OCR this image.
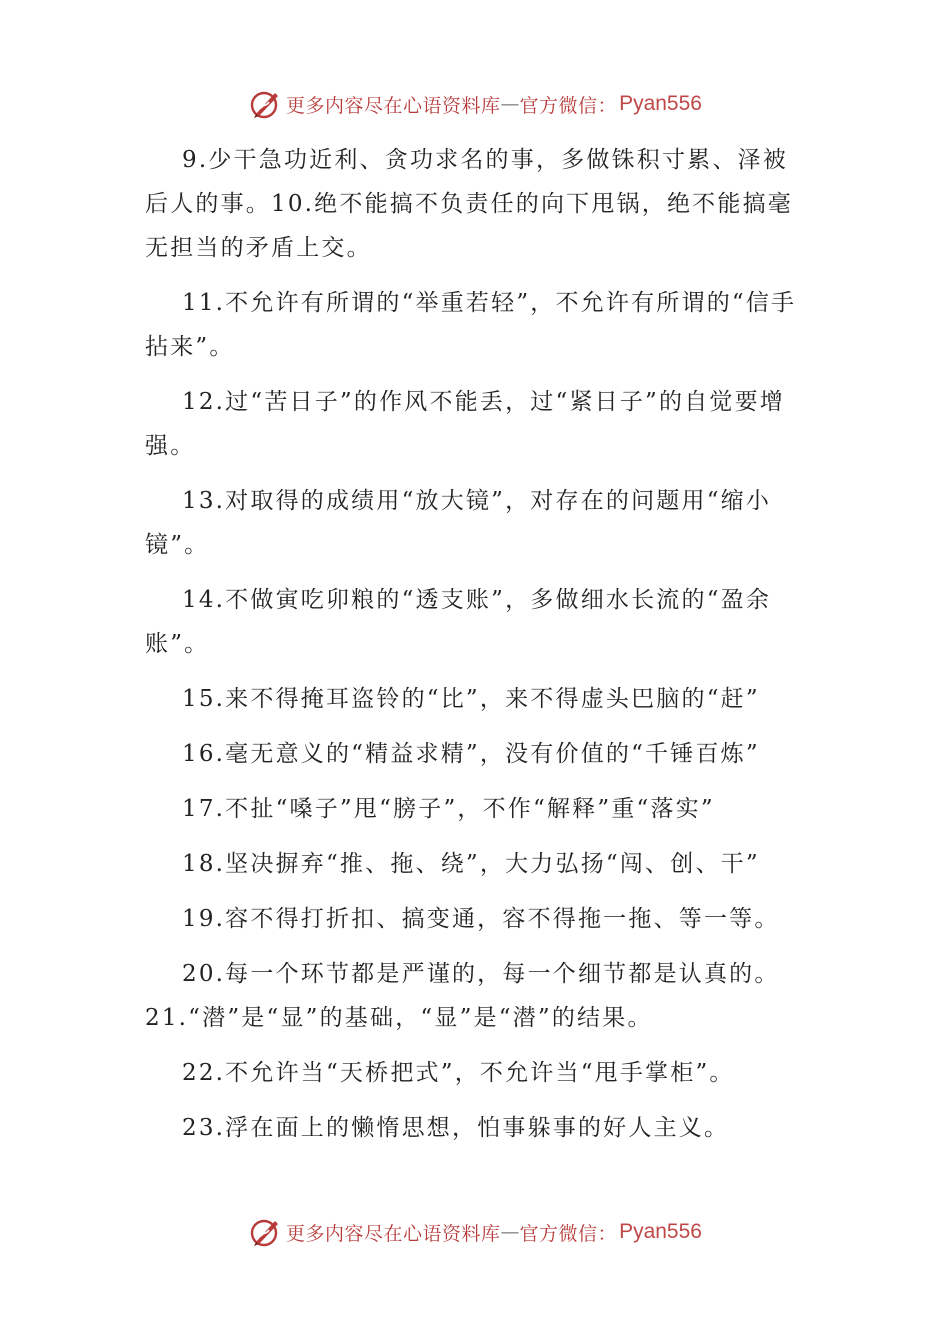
更多内容尽在心语资料库 — 官方微信： Pyan556

9.少干急功近利、贪功求名的事，多做铢积寸累、泽被后人的事。10.绝不能搞不负责任的向下甩锅，绝不能搞毫无担当的矛盾上交。

11.不允许有所谓的“举重若轻”，不允许有所谓的“信手拈来”。

12.过“苦日子”的作风不能丢，过“紧日子”的自觉要增强。

13.对取得的成绩用“放大镜”，对存在的问题用“缩小镜”。

14.不做寅吃卯粮的“透支账”，多做细水长流的“盈余账”。

15.来不得掩耳盗铃的“比”，来不得虚头巴脑的“赶”

16.毫无意义的“精益求精”，没有价值的“千锤百炼”

17.不扯“嗓子”甩“膀子”，不作“解释”重“落实”

18.坚决摒弃“推、拖、绕”，大力弘扬“闯、创、干”

19.容不得打折扣、搞变通，容不得拖一拖、等一等。

20.每一个环节都是严谨的，每一个细节都是认真的。

21.“潜”是“显”的基础，“显”是“潜”的结果。

22.不允许当“天桥把式”，不允许当“甩手掌柜”。

23.浮在面上的懒惰思想，怕事躲事的好人主义。

更多内容尽在心语资料库 — 官方微信： Pyan556
